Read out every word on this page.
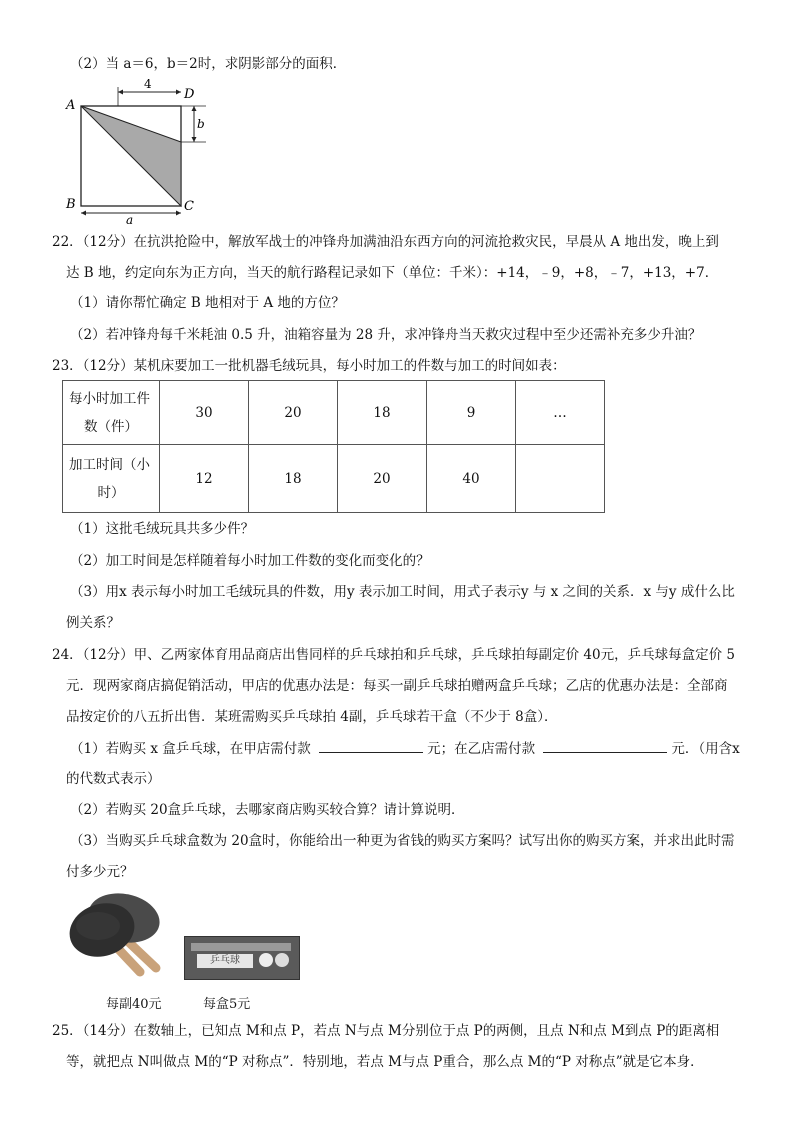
（2）当 a＝6，b＝2时，求阴影部分的面积．
A
D
B	C
4
b
a
22．（12分）在抗洪抢险中，解放军战士的冲锋舟加满油沿东西方向的河流抢救灾民，早晨从 A 地出发，晚上到
达 B 地，约定向东为正方向，当天的航行路程记录如下（单位：千米）：+14，﹣9，+8，﹣7，+13，+7．
（1）请你帮忙确定 B 地相对于 A 地的方位？
（2）若冲锋舟每千米耗油 0.5 升，油箱容量为 28 升，求冲锋舟当天救灾过程中至少还需补充多少升油？
23．（12分）某机床要加工一批机器毛绒玩具，每小时加工的件数与加工的时间如表：
每小时加工件
数（件）	30	20	18	9	…

加工时间（小
时）	12	18	20	40	
（1）这批毛绒玩具共多少件？
（2）加工时间是怎样随着每小时加工件数的变化而变化的？
（3）用x 表示每小时加工毛绒玩具的件数，用y 表示加工时间，用式子表示y 与 x 之间的关系．x 与y 成什么比
例关系？
24．（12分）甲、乙两家体育用品商店出售同样的乒乓球拍和乒乓球，乒乓球拍每副定价 40元，乒乓球每盒定价 5
元．现两家商店搞促销活动，甲店的优惠办法是：每买一副乒乓球拍赠两盒乒乓球；乙店的优惠办法是：全部商
品按定价的八五折出售．某班需购买乒乓球拍 4副，乒乓球若干盒（不少于 8盒）．
（1）若购买 x 盒乒乓球，在甲店需付款	元；在乙店需付款	元．（用含x
的代数式表示）
（2）若购买 20盒乒乓球，去哪家商店购买较合算？请计算说明．
（3）当购买乒乓球盒数为 20盒时，你能给出一种更为省钱的购买方案吗？试写出你的购买方案，并求出此时需
付多少元？
乒乓球
每副40元	每盒5元
25．（14分）在数轴上，已知点 M和点 P，若点 N与点 M分别位于点 P的两侧，且点 N和点 M到点 P的距离相
等，就把点 N叫做点 M的“P 对称点”．特别地，若点 M与点 P重合，那么点 M的“P 对称点”就是它本身．
